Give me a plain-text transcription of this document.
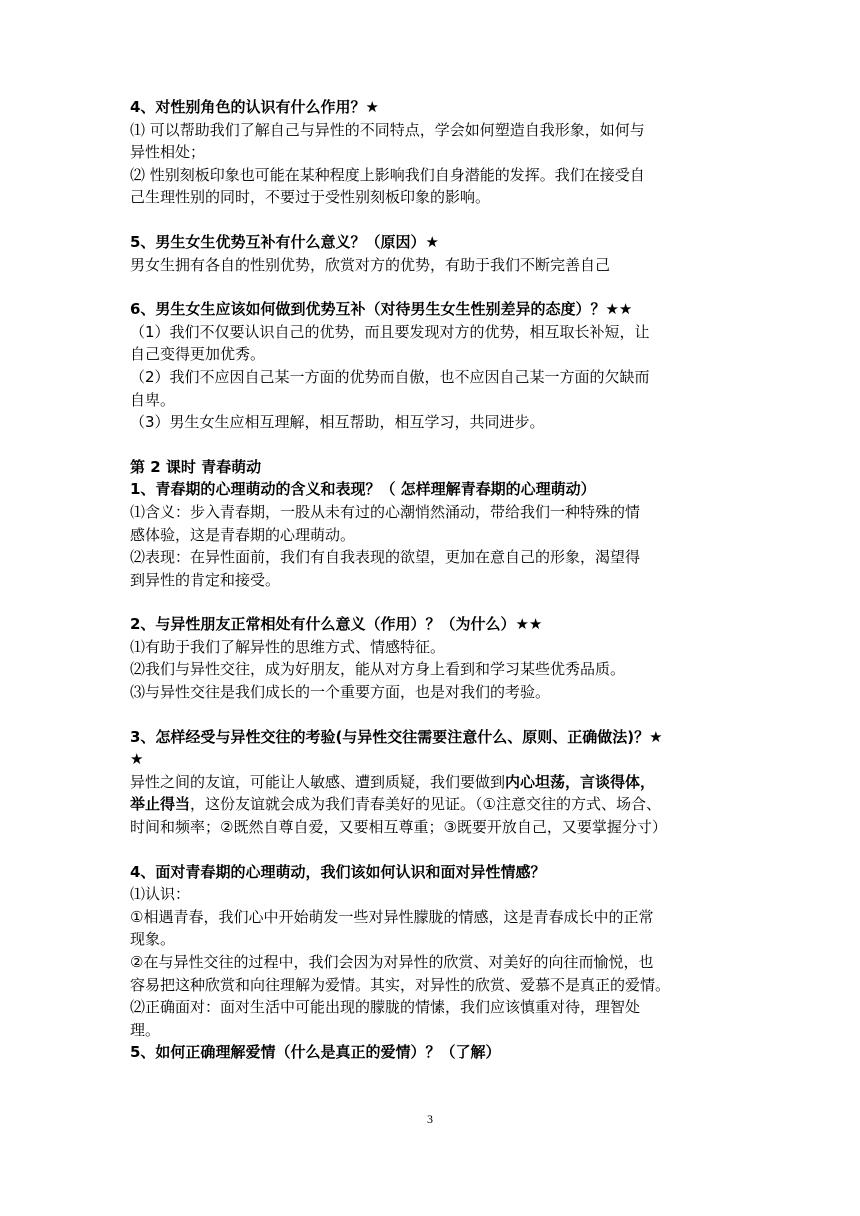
4、对性别角色的认识有什么作用？★
⑴ 可以帮助我们了解自己与异性的不同特点，学会如何塑造自我形象，如何与
异性相处；
⑵ 性别刻板印象也可能在某种程度上影响我们自身潜能的发挥。我们在接受自
己生理性别的同时，不要过于受性别刻板印象的影响。
5、男生女生优势互补有什么意义？（原因）★
男女生拥有各自的性别优势，欣赏对方的优势，有助于我们不断完善自己
6、男生女生应该如何做到优势互补（对待男生女生性别差异的态度）？★★
（1）我们不仅要认识自己的优势，而且要发现对方的优势，相互取长补短，让
自己变得更加优秀。
（2）我们不应因自己某一方面的优势而自傲，也不应因自己某一方面的欠缺而
自卑。
（3）男生女生应相互理解，相互帮助，相互学习，共同进步。
第 2 课时 青春萌动
1、青春期的心理萌动的含义和表现？（ 怎样理解青春期的心理萌动）
⑴含义：步入青春期，一股从未有过的心潮悄然涌动，带给我们一种特殊的情
感体验，这是青春期的心理萌动。
⑵表现：在异性面前，我们有自我表现的欲望，更加在意自己的形象，渴望得
到异性的肯定和接受。
2、与异性朋友正常相处有什么意义（作用）？（为什么）★★
⑴有助于我们了解异性的思维方式、情感特征。
⑵我们与异性交往，成为好朋友，能从对方身上看到和学习某些优秀品质。
⑶与异性交往是我们成长的一个重要方面，也是对我们的考验。
3、怎样经受与异性交往的考验(与异性交往需要注意什么、原则、正确做法)？★
★
异性之间的友谊，可能让人敏感、遭到质疑，我们要做到内心坦荡，言谈得体，
举止得当，这份友谊就会成为我们青春美好的见证。（①注意交往的方式、场合、
时间和频率；②既然自尊自爱，又要相互尊重；③既要开放自己，又要掌握分寸）
4、面对青春期的心理萌动，我们该如何认识和面对异性情感？
⑴认识：
①相遇青春，我们心中开始萌发一些对异性朦胧的情感，这是青春成长中的正常
现象。
②在与异性交往的过程中，我们会因为对异性的欣赏、对美好的向往而愉悦，也
容易把这种欣赏和向往理解为爱情。其实，对异性的欣赏、爱慕不是真正的爱情。
⑵正确面对：面对生活中可能出现的朦胧的情愫，我们应该慎重对待，理智处
理。
5、如何正确理解爱情（什么是真正的爱情）？（了解）
3
